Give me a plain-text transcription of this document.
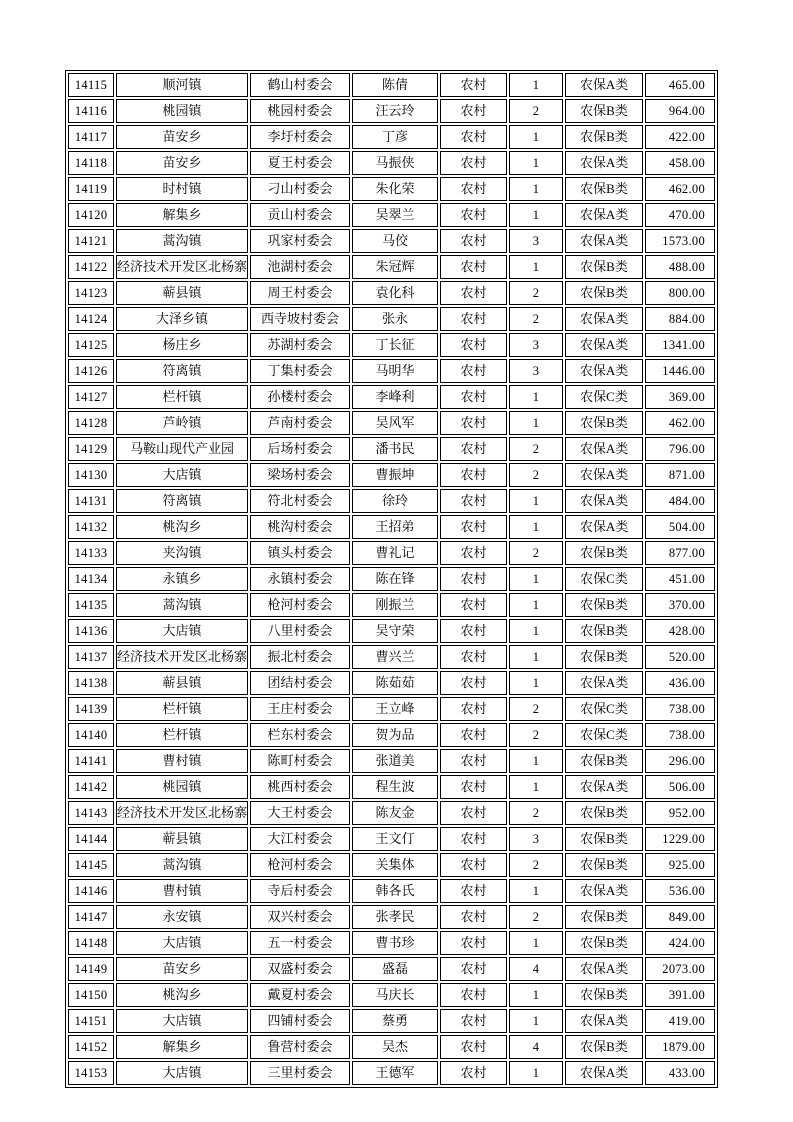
14115	顺河镇	鹤山村委会	陈倩	农村	1	农保A类	465.00

14116	桃园镇	桃园村委会	汪云玲	农村	2	农保B类	964.00

14117	苗安乡	李圩村委会	丁彦	农村	1	农保B类	422.00

14118	苗安乡	夏王村委会	马振侠	农村	1	农保A类	458.00

14119	时村镇	刁山村委会	朱化荣	农村	1	农保B类	462.00

14120	解集乡	贡山村委会	吴翠兰	农村	1	农保A类	470.00

14121	蒿沟镇	巩家村委会	马佼	农村	3	农保A类	1573.00

14122	经济技术开发区北杨寨	池湖村委会	朱冠辉	农村	1	农保B类	488.00

14123	蕲县镇	周王村委会	袁化科	农村	2	农保B类	800.00

14124	大泽乡镇	西寺坡村委会	张永	农村	2	农保A类	884.00

14125	杨庄乡	苏湖村委会	丁长征	农村	3	农保A类	1341.00

14126	符离镇	丁集村委会	马明华	农村	3	农保A类	1446.00

14127	栏杆镇	孙楼村委会	李峰利	农村	1	农保C类	369.00

14128	芦岭镇	芦南村委会	吴风军	农村	1	农保B类	462.00

14129	马鞍山现代产业园	后场村委会	潘书民	农村	2	农保A类	796.00

14130	大店镇	梁场村委会	曹振坤	农村	2	农保A类	871.00

14131	符离镇	符北村委会	徐玲	农村	1	农保A类	484.00

14132	桃沟乡	桃沟村委会	王招弟	农村	1	农保A类	504.00

14133	夹沟镇	镇头村委会	曹礼记	农村	2	农保B类	877.00

14134	永镇乡	永镇村委会	陈在锋	农村	1	农保C类	451.00

14135	蒿沟镇	枪河村委会	刚振兰	农村	1	农保B类	370.00

14136	大店镇	八里村委会	吴守荣	农村	1	农保B类	428.00

14137	经济技术开发区北杨寨	振北村委会	曹兴兰	农村	1	农保B类	520.00

14138	蕲县镇	团结村委会	陈茹茹	农村	1	农保A类	436.00

14139	栏杆镇	王庄村委会	王立峰	农村	2	农保C类	738.00

14140	栏杆镇	栏东村委会	贺为品	农村	2	农保C类	738.00

14141	曹村镇	陈町村委会	张道美	农村	1	农保B类	296.00

14142	桃园镇	桃西村委会	程生波	农村	1	农保A类	506.00

14143	经济技术开发区北杨寨	大王村委会	陈友金	农村	2	农保B类	952.00

14144	蕲县镇	大江村委会	王文仃	农村	3	农保B类	1229.00

14145	蒿沟镇	枪河村委会	关集体	农村	2	农保B类	925.00

14146	曹村镇	寺后村委会	韩各氏	农村	1	农保A类	536.00

14147	永安镇	双兴村委会	张孝民	农村	2	农保B类	849.00

14148	大店镇	五一村委会	曹书珍	农村	1	农保B类	424.00

14149	苗安乡	双盛村委会	盛磊	农村	4	农保A类	2073.00

14150	桃沟乡	戴夏村委会	马庆长	农村	1	农保B类	391.00

14151	大店镇	四铺村委会	蔡勇	农村	1	农保A类	419.00

14152	解集乡	鲁营村委会	吴杰	农村	4	农保B类	1879.00

14153	大店镇	三里村委会	王德军	农村	1	农保A类	433.00
